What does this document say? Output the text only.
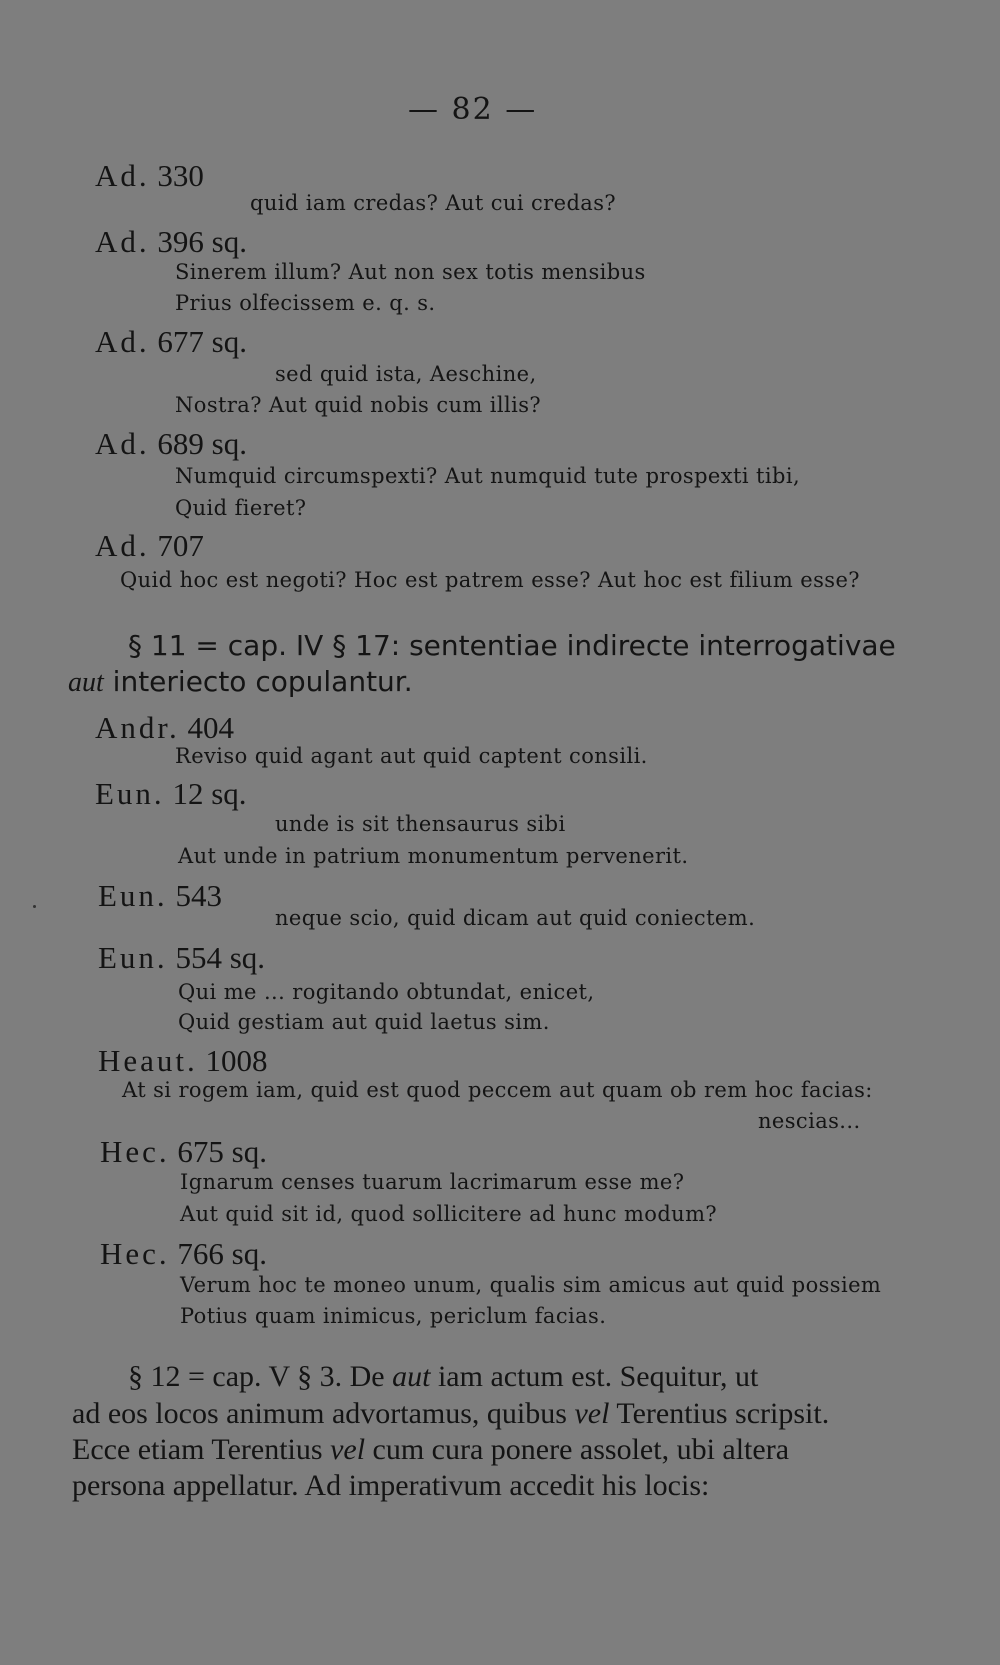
— 82 —
Ad. 330
quid iam credas? Aut cui credas?
Ad. 396 sq.
Sinerem illum? Aut non sex totis mensibus
Prius olfecissem e. q. s.
Ad. 677 sq.
sed quid ista, Aeschine,
Nostra? Aut quid nobis cum illis?
Ad. 689 sq.
Numquid circumspexti? Aut numquid tute prospexti tibi,
Quid fieret?
Ad. 707
Quid hoc est negoti? Hoc est patrem esse? Aut hoc est filium esse?
§ 11 = cap. IV § 17: sententiae indirecte interrogativae
aut interiecto copulantur.
Andr. 404
Reviso quid agant aut quid captent consili.
Eun. 12 sq.
unde is sit thensaurus sibi
Aut unde in patrium monumentum pervenerit.
Eun. 543
neque scio, quid dicam aut quid coniectem.
Eun. 554 sq.
Qui me ... rogitando obtundat, enicet,
Quid gestiam aut quid laetus sim.
Heaut. 1008
At si rogem iam, quid est quod peccem aut quam ob rem hoc facias:
nescias...
Hec. 675 sq.
Ignarum censes tuarum lacrimarum esse me?
Aut quid sit id, quod sollicitere ad hunc modum?
Hec. 766 sq.
Verum hoc te moneo unum, qualis sim amicus aut quid possiem
Potius quam inimicus, periclum facias.
§ 12 = cap. V § 3. De aut iam actum est. Sequitur, ut
ad eos locos animum advortamus, quibus vel Terentius scripsit.
Ecce etiam Terentius vel cum cura ponere assolet, ubi altera
persona appellatur. Ad imperativum accedit his locis:
